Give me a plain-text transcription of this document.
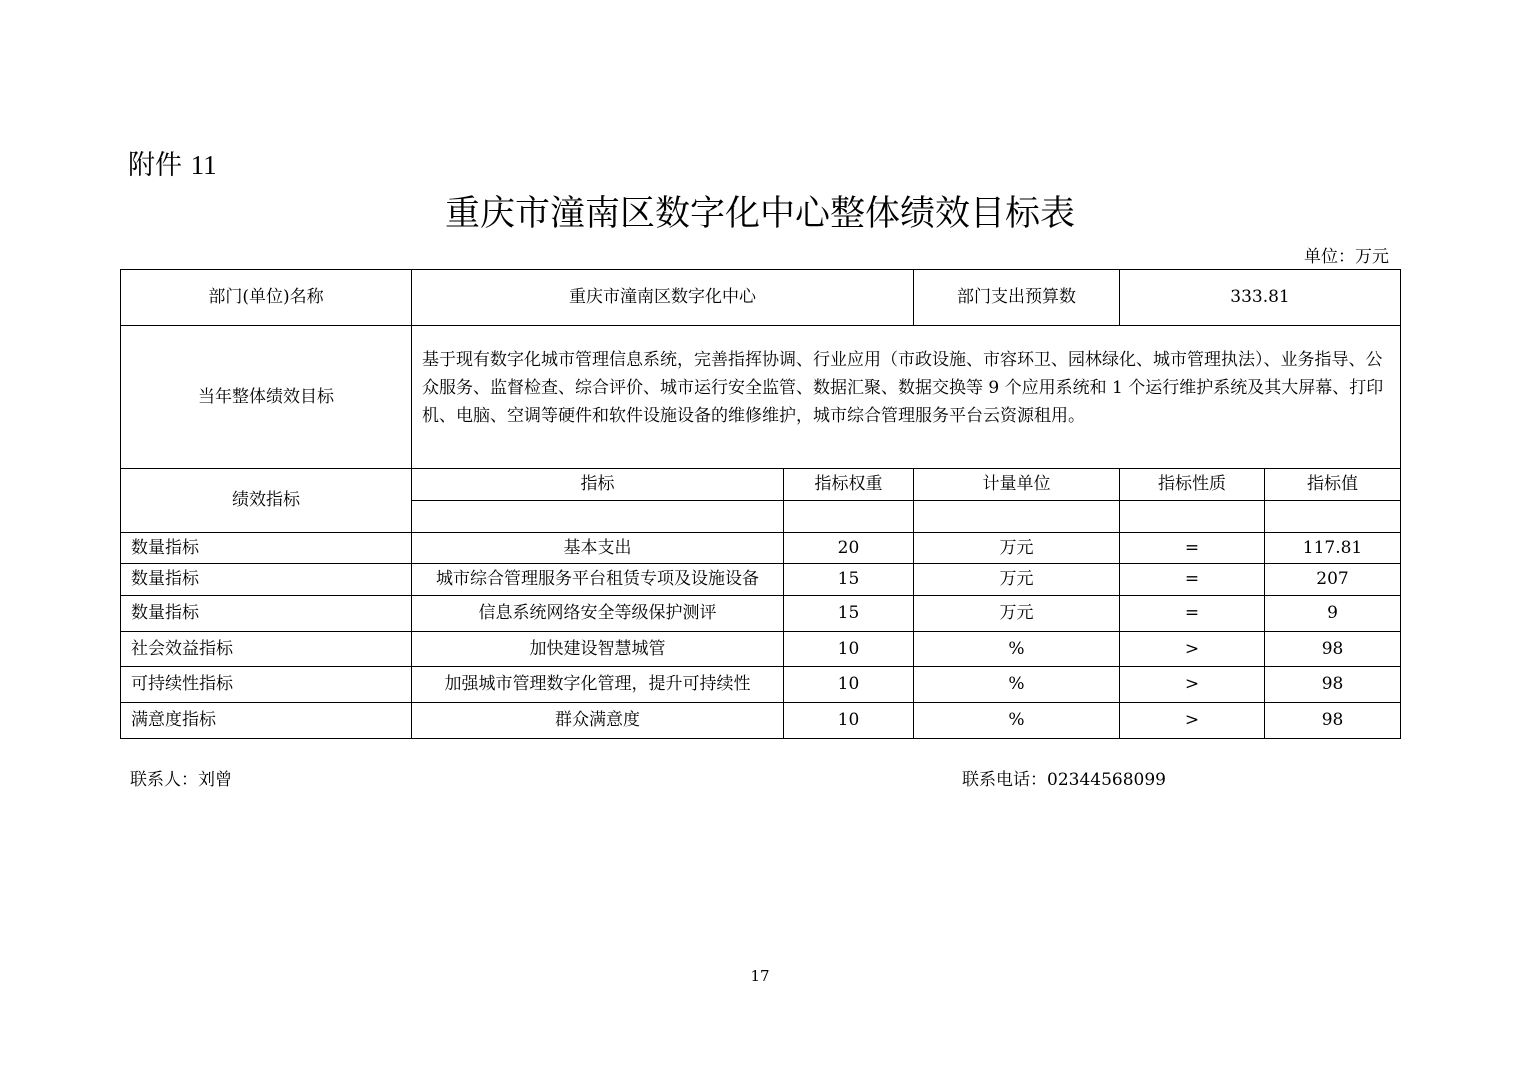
附件 11
重庆市潼南区数字化中心整体绩效目标表
单位：万元
部门(单位)名称	重庆市潼南区数字化中心		部门支出预算数	333.81	
当年整体绩效目标	基于现有数字化城市管理信息系统，完善指挥协调、行业应用（市政设施、市容环卫、园林绿化、城市管理执法）、业务指导、公众服务、监督检查、综合评价、城市运行安全监管、数据汇聚、数据交换等 9 个应用系统和 1 个运行维护系统及其大屏幕、打印机、电脑、空调等硬件和软件设施设备的维修维护，城市综合管理服务平台云资源租用。				
绩效指标	指标	指标权重	计量单位	指标性质	指标值

数量指标	基本支出	20	万元	=	117.81
数量指标	城市综合管理服务平台租赁专项及设施设备	15	万元	=	207
数量指标	信息系统网络安全等级保护测评	15	万元	=	9
社会效益指标	加快建设智慧城管	10	%	>	98
可持续性指标	加强城市管理数字化管理，提升可持续性	10	%	>	98
满意度指标	群众满意度	10	%	>	98
联系人：刘曾	联系电话：02344568099
17
